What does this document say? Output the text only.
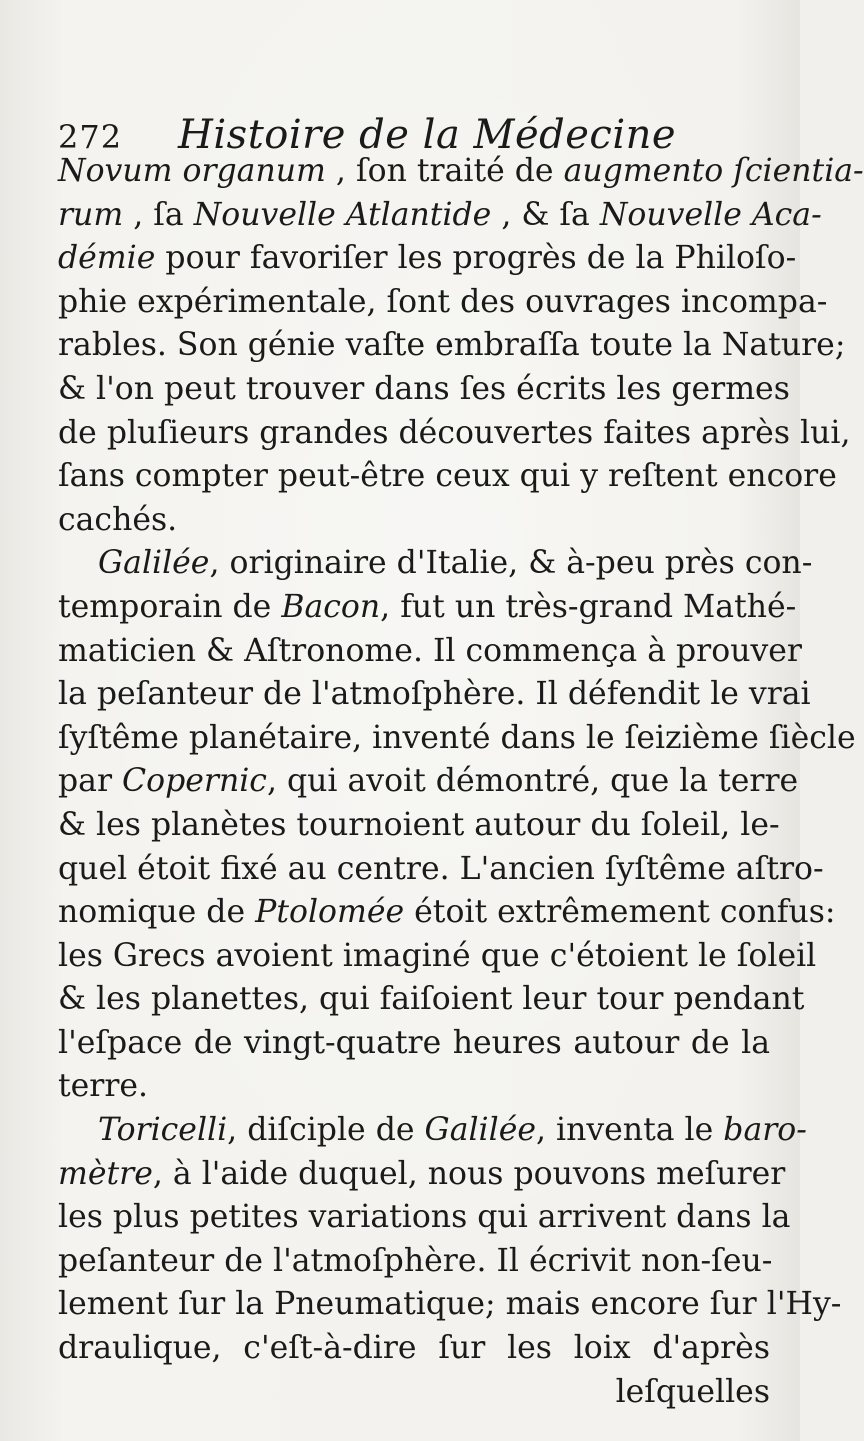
272	Histoire de la Médecine
Novum organum , ſon traité de augmento ſcientia-
rum , ſa Nouvelle Atlantide , & ſa Nouvelle Aca-
démie pour favoriſer les progrès de la Philoſo-
phie expérimentale, ſont des ouvrages incompa-
rables. Son génie vaſte embraſſa toute la Nature;
& l'on peut trouver dans ſes écrits les germes
de pluſieurs grandes découvertes faites après lui,
ſans compter peut-être ceux qui y reſtent encore
cachés.
Galilée, originaire d'Italie, & à-peu près con-
temporain de Bacon, fut un très-grand Mathé-
maticien & Aſtronome. Il commença à prouver
la peſanteur de l'atmoſphère. Il défendit le vrai
ſyſtême planétaire, inventé dans le ſeizième ſiècle
par Copernic, qui avoit démontré, que la terre
& les planètes tournoient autour du ſoleil, le-
quel étoit fixé au centre. L'ancien ſyſtême aſtro-
nomique de Ptolomée étoit extrêmement confus:
les Grecs avoient imaginé que c'étoient le ſoleil
& les planettes, qui faiſoient leur tour pendant
l'eſpace de vingt-quatre heures autour de la
terre.
Toricelli, diſciple de Galilée, inventa le baro-
mètre, à l'aide duquel, nous pouvons meſurer
les plus petites variations qui arrivent dans la
peſanteur de l'atmoſphère. Il écrivit non-ſeu-
lement ſur la Pneumatique; mais encore ſur l'Hy-
draulique, c'eſt-à-dire ſur les loix d'après
leſquelles
